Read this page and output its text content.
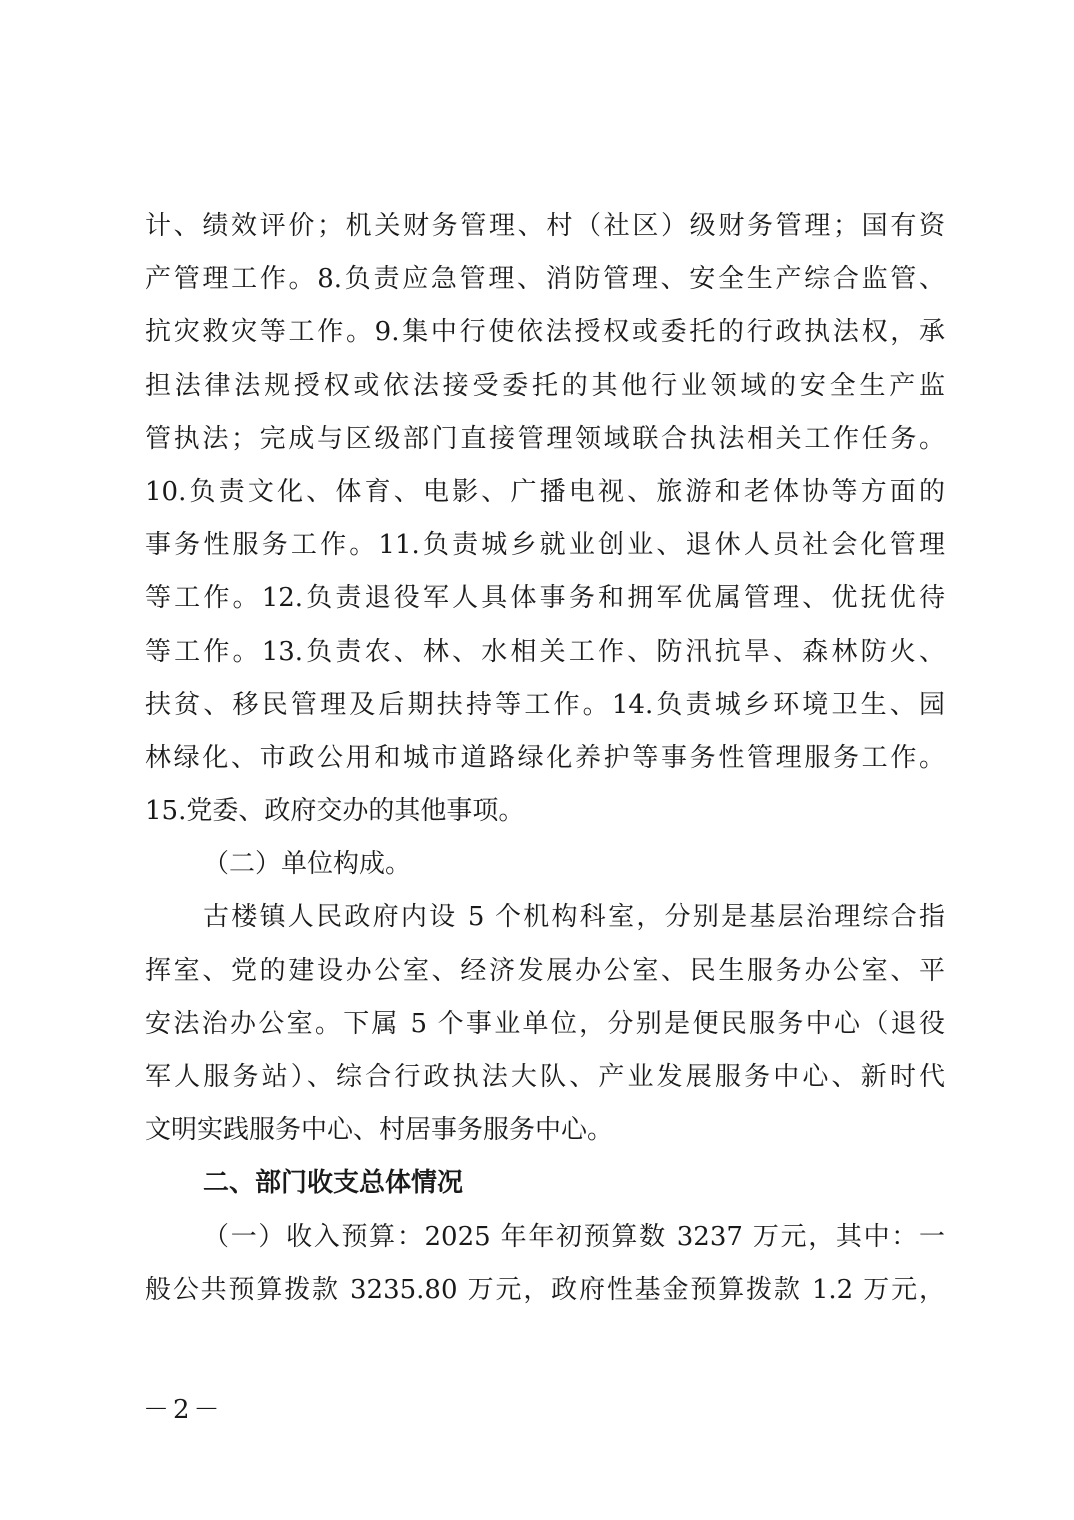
计、绩效评价；机关财务管理、村（社区）级财务管理；国有资
产管理工作。8.负责应急管理、消防管理、安全生产综合监管、
抗灾救灾等工作。9.集中行使依法授权或委托的行政执法权，承
担法律法规授权或依法接受委托的其他行业领域的安全生产监
管执法；完成与区级部门直接管理领域联合执法相关工作任务。
10.负责文化、体育、电影、广播电视、旅游和老体协等方面的
事务性服务工作。11.负责城乡就业创业、退休人员社会化管理
等工作。12.负责退役军人具体事务和拥军优属管理、优抚优待
等工作。13.负责农、林、水相关工作、防汛抗旱、森林防火、
扶贫、移民管理及后期扶持等工作。14.负责城乡环境卫生、园
林绿化、市政公用和城市道路绿化养护等事务性管理服务工作。
15.党委、政府交办的其他事项。
（二）单位构成。
古楼镇人民政府内设 5 个机构科室，分别是基层治理综合指
挥室、党的建设办公室、经济发展办公室、民生服务办公室、平
安法治办公室。下属 5 个事业单位，分别是便民服务中心（退役
军人服务站）、综合行政执法大队、产业发展服务中心、新时代
文明实践服务中心、村居事务服务中心。
二、部门收支总体情况
（一）收入预算：2025 年年初预算数 3237 万元，其中：一
般公共预算拨款 3235.80 万元，政府性基金预算拨款 1.2 万元，
－2－
